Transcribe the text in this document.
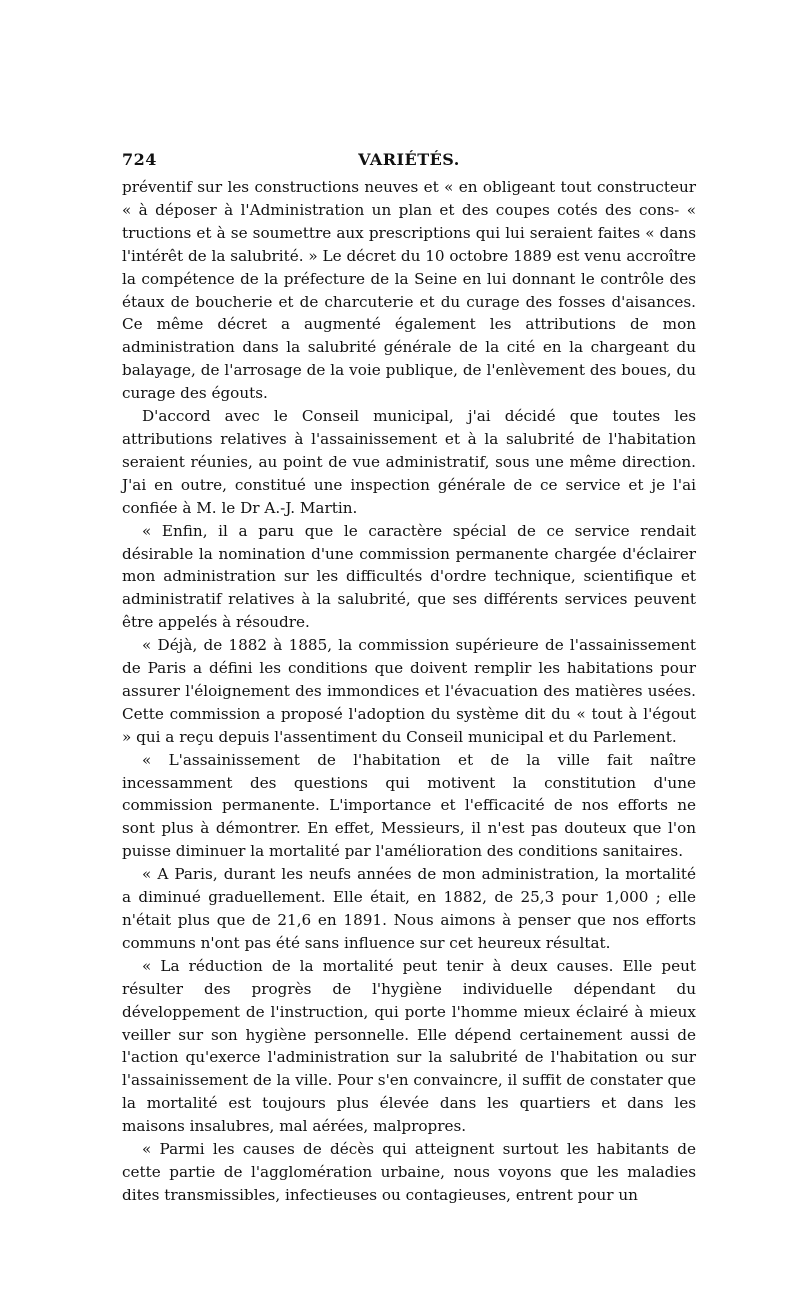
724	VARIÉTÉS.

préventif sur les constructions neuves et « en obligeant tout constructeur « à déposer à l'Administration un plan et des coupes cotés des cons- « tructions et à se soumettre aux prescriptions qui lui seraient faites « dans l'intérêt de la salubrité. » Le décret du 10 octobre 1889 est venu accroître la compétence de la préfecture de la Seine en lui donnant le contrôle des étaux de boucherie et de charcuterie et du curage des fosses d'aisances. Ce même décret a augmenté également les attributions de mon administration dans la salubrité générale de la cité en la chargeant du balayage, de l'arrosage de la voie publique, de l'enlèvement des boues, du curage des égouts.

D'accord avec le Conseil municipal, j'ai décidé que toutes les attributions relatives à l'assainissement et à la salubrité de l'habitation seraient réunies, au point de vue administratif, sous une même direction. J'ai en outre, constitué une inspection générale de ce service et je l'ai confiée à M. le Dr A.-J. Martin.

« Enfin, il a paru que le caractère spécial de ce service rendait désirable la nomination d'une commission permanente chargée d'éclairer mon administration sur les difficultés d'ordre technique, scientifique et administratif relatives à la salubrité, que ses différents services peuvent être appelés à résoudre.

« Déjà, de 1882 à 1885, la commission supérieure de l'assainissement de Paris a défini les conditions que doivent remplir les habitations pour assurer l'éloignement des immondices et l'évacuation des matières usées. Cette commission a proposé l'adoption du système dit du « tout à l'égout » qui a reçu depuis l'assentiment du Conseil municipal et du Parlement.

« L'assainissement de l'habitation et de la ville fait naître incessamment des questions qui motivent la constitution d'une commission permanente. L'importance et l'efficacité de nos efforts ne sont plus à démontrer. En effet, Messieurs, il n'est pas douteux que l'on puisse diminuer la mortalité par l'amélioration des conditions sanitaires.

« A Paris, durant les neufs années de mon administration, la mortalité a diminué graduellement. Elle était, en 1882, de 25,3 pour 1,000 ; elle n'était plus que de 21,6 en 1891. Nous aimons à penser que nos efforts communs n'ont pas été sans influence sur cet heureux résultat.

« La réduction de la mortalité peut tenir à deux causes. Elle peut résulter des progrès de l'hygiène individuelle dépendant du développement de l'instruction, qui porte l'homme mieux éclairé à mieux veiller sur son hygiène personnelle. Elle dépend certainement aussi de l'action qu'exerce l'administration sur la salubrité de l'habitation ou sur l'assainissement de la ville. Pour s'en convaincre, il suffit de constater que la mortalité est toujours plus élevée dans les quartiers et dans les maisons insalubres, mal aérées, malpropres.

« Parmi les causes de décès qui atteignent surtout les habitants de cette partie de l'agglomération urbaine, nous voyons que les maladies dites transmissibles, infectieuses ou contagieuses, entrent pour un
